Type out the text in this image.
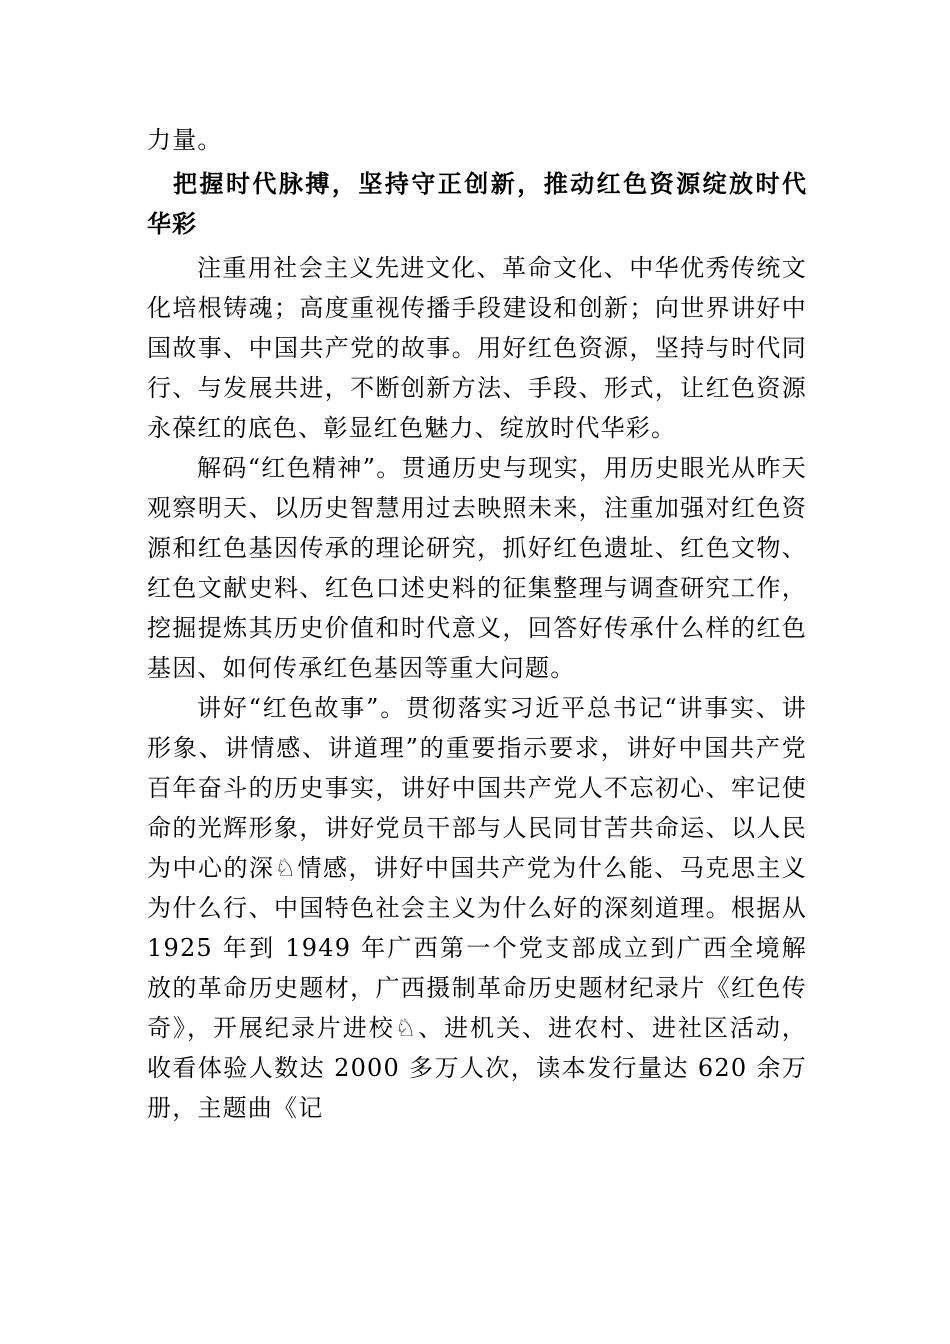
力量。

把握时代脉搏，坚持守正创新，推动红色资源绽放时代 华彩

注重用社会主义先进文化、革命文化、中华优秀传统文化培根铸魂；高度重视传播手段建设和创新；向世界讲好中国故事、中国共产党的故事。用好红色资源，坚持与时代同行、与发展共进，不断创新方法、手段、形式，让红色资源永葆红的底色、彰显红色魅力、绽放时代华彩。

解码“红色精神”。贯通历史与现实，用历史眼光从昨天观察明天、以历史智慧用过去映照未来，注重加强对红色资源和红色基因传承的理论研究，抓好红色遗址、红色文物、红色文献史料、红色口述史料的征集整理与调查研究工作，挖掘提炼其历史价值和时代意义，回答好传承什么样的红色基因、如何传承红色基因等重大问题。

讲好“红色故事”。贯彻落实习近平总书记“讲事实、讲形象、讲情感、讲道理”的重要指示要求，讲好中国共产党百年奋斗的历史事实，讲好中国共产党人不忘初心、牢记使命的光辉形象，讲好党员干部与人民同甘苦共命运、以人民为中心的深♘情感，讲好中国共产党为什么能、马克思主义为什么行、中国特色社会主义为什么好的深刻道理。根据从 1925 年到 1949 年广西第一个党支部成立到广西全境解放的革命历史题材，广西摄制革命历史题材纪录片《红色传奇》，开展纪录片进校♘、进机关、进农村、进社区活动，收看体验人数达 2000 多万人次，读本发行量达 620 余万册，主题曲《记
